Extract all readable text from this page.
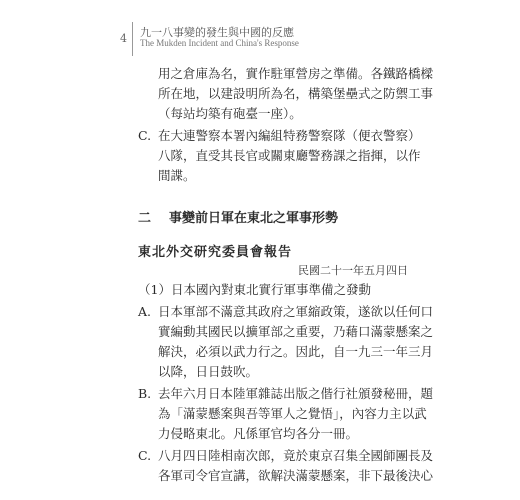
4 九一八事變的發生與中國的反應
The Mukden Incident and China's Response
用之倉庫為名，實作駐軍營房之準備。各鐵路橋樑
所在地，以建設明所為名，構築堡壘式之防禦工事
（每站均築有砲臺一座）。
C. 在大連警察本署內編組特務警察隊（便衣警察）
八隊，直受其長官或關東廳警務課之指揮，以作
間諜。
二 事變前日軍在東北之軍事形勢
東北外交研究委員會報告
民國二十一年五月四日
（1）日本國內對東北實行軍事準備之發動
A. 日本軍部不滿意其政府之軍縮政策，遂欲以任何口
實編動其國民以擴軍部之重要，乃藉口滿蒙懸案之
解決，必須以武力行之。因此，自一九三一年三月
以降，日日鼓吹。
B. 去年六月日本陸軍雜誌出版之偕行社頒發秘冊，題
為「滿蒙懸案與吾等軍人之覺悟」，內容力主以武
力侵略東北。凡係軍官均各分一冊。
C. 八月四日陸相南次郎，竟於東京召集全國師團長及
各軍司令官宣講，欲解決滿蒙懸案，非下最後決心
